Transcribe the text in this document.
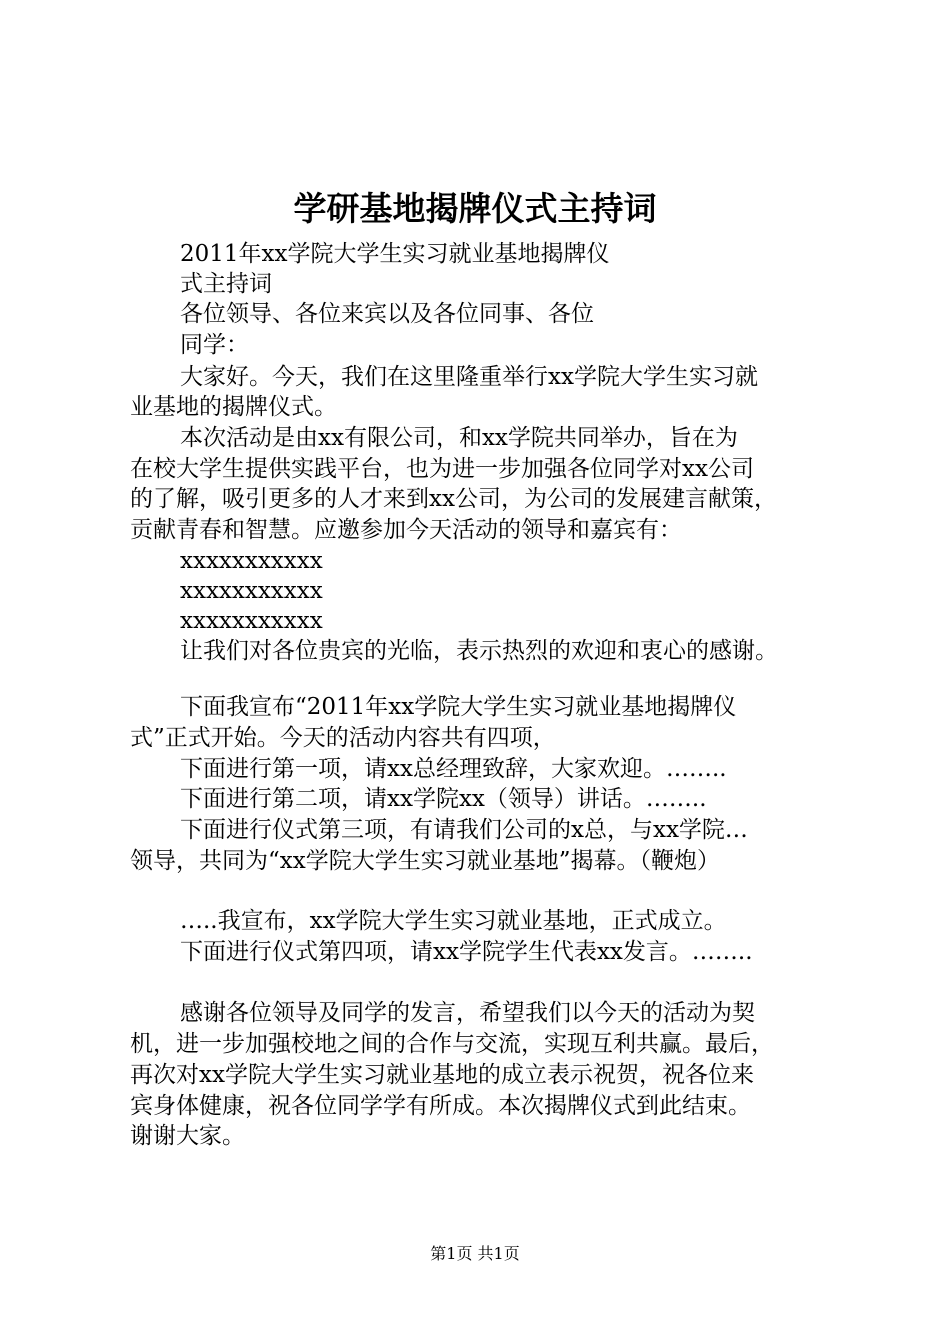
学研基地揭牌仪式主持词
2011年xx学院大学生实习就业基地揭牌仪
式主持词
各位领导、各位来宾以及各位同事、各位
同学：
大家好。今天，我们在这里隆重举行xx学院大学生实习就
业基地的揭牌仪式。
本次活动是由xx有限公司，和xx学院共同举办，旨在为
在校大学生提供实践平台，也为进一步加强各位同学对xx公司
的了解，吸引更多的人才来到xx公司，为公司的发展建言献策，
贡献青春和智慧。应邀参加今天活动的领导和嘉宾有：
xxxxxxxxxxx
xxxxxxxxxxx
xxxxxxxxxxx
让我们对各位贵宾的光临，表示热烈的欢迎和衷心的感谢。
下面我宣布“2011年xx学院大学生实习就业基地揭牌仪
式”正式开始。今天的活动内容共有四项，
下面进行第一项，请xx总经理致辞，大家欢迎。……..
下面进行第二项，请xx学院xx（领导）讲话。……..
下面进行仪式第三项，有请我们公司的x总，与xx学院…
领导，共同为“xx学院大学生实习就业基地”揭幕。（鞭炮）
…..我宣布，xx学院大学生实习就业基地，正式成立。
下面进行仪式第四项，请xx学院学生代表xx发言。……..
感谢各位领导及同学的发言，希望我们以今天的活动为契
机，进一步加强校地之间的合作与交流，实现互利共赢。最后，
再次对xx学院大学生实习就业基地的成立表示祝贺，祝各位来
宾身体健康，祝各位同学学有所成。本次揭牌仪式到此结束。
谢谢大家。
第1页 共1页
